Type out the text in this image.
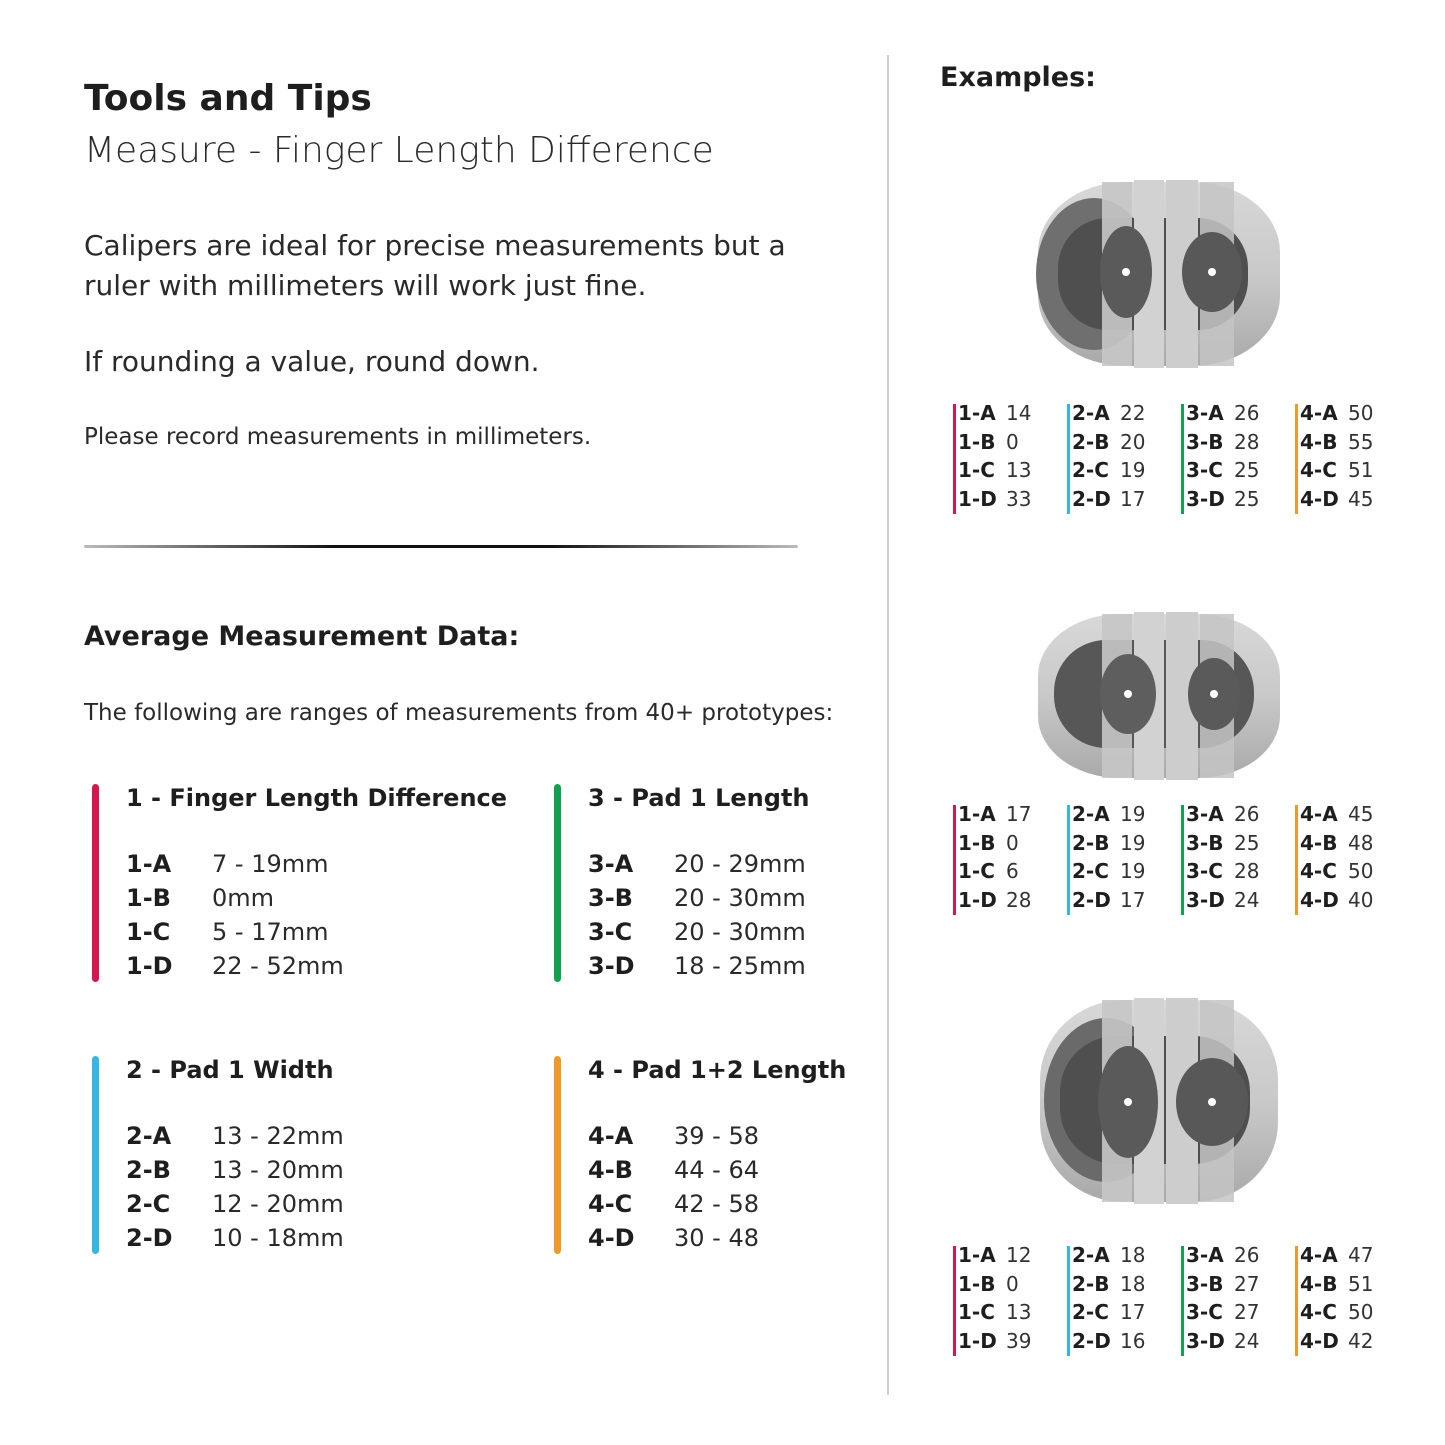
Tools and Tips
Measure - Finger Length Difference
Calipers are ideal for precise measurements but a ruler with millimeters will work just fine.
If rounding a value, round down.
Please record measurements in millimeters.
Average Measurement Data:
The following are ranges of measurements from 40+ prototypes:
1 - Finger Length Difference
1-A 7 - 19mm
1-B 0mm
1-C 5 - 17mm
1-D 22 - 52mm
3 - Pad 1 Length
3-A 20 - 29mm
3-B 20 - 30mm
3-C 20 - 30mm
3-D 18 - 25mm
2 - Pad 1 Width
2-A 13 - 22mm
2-B 13 - 20mm
2-C 12 - 20mm
2-D 10 - 18mm
4 - Pad 1+2 Length
4-A 39 - 58
4-B 44 - 64
4-C 42 - 58
4-D 30 - 48
Examples:
1-A 14
1-B 0
1-C 13
1-D 33
2-A 22
2-B 20
2-C 19
2-D 17
3-A 26
3-B 28
3-C 25
3-D 25
4-A 50
4-B 55
4-C 51
4-D 45
1-A 17
1-B 0
1-C 6
1-D 28
2-A 19
2-B 19
2-C 19
2-D 17
3-A 26
3-B 25
3-C 28
3-D 24
4-A 45
4-B 48
4-C 50
4-D 40
1-A 12
1-B 0
1-C 13
1-D 39
2-A 18
2-B 18
2-C 17
2-D 16
3-A 26
3-B 27
3-C 27
3-D 24
4-A 47
4-B 51
4-C 50
4-D 42
